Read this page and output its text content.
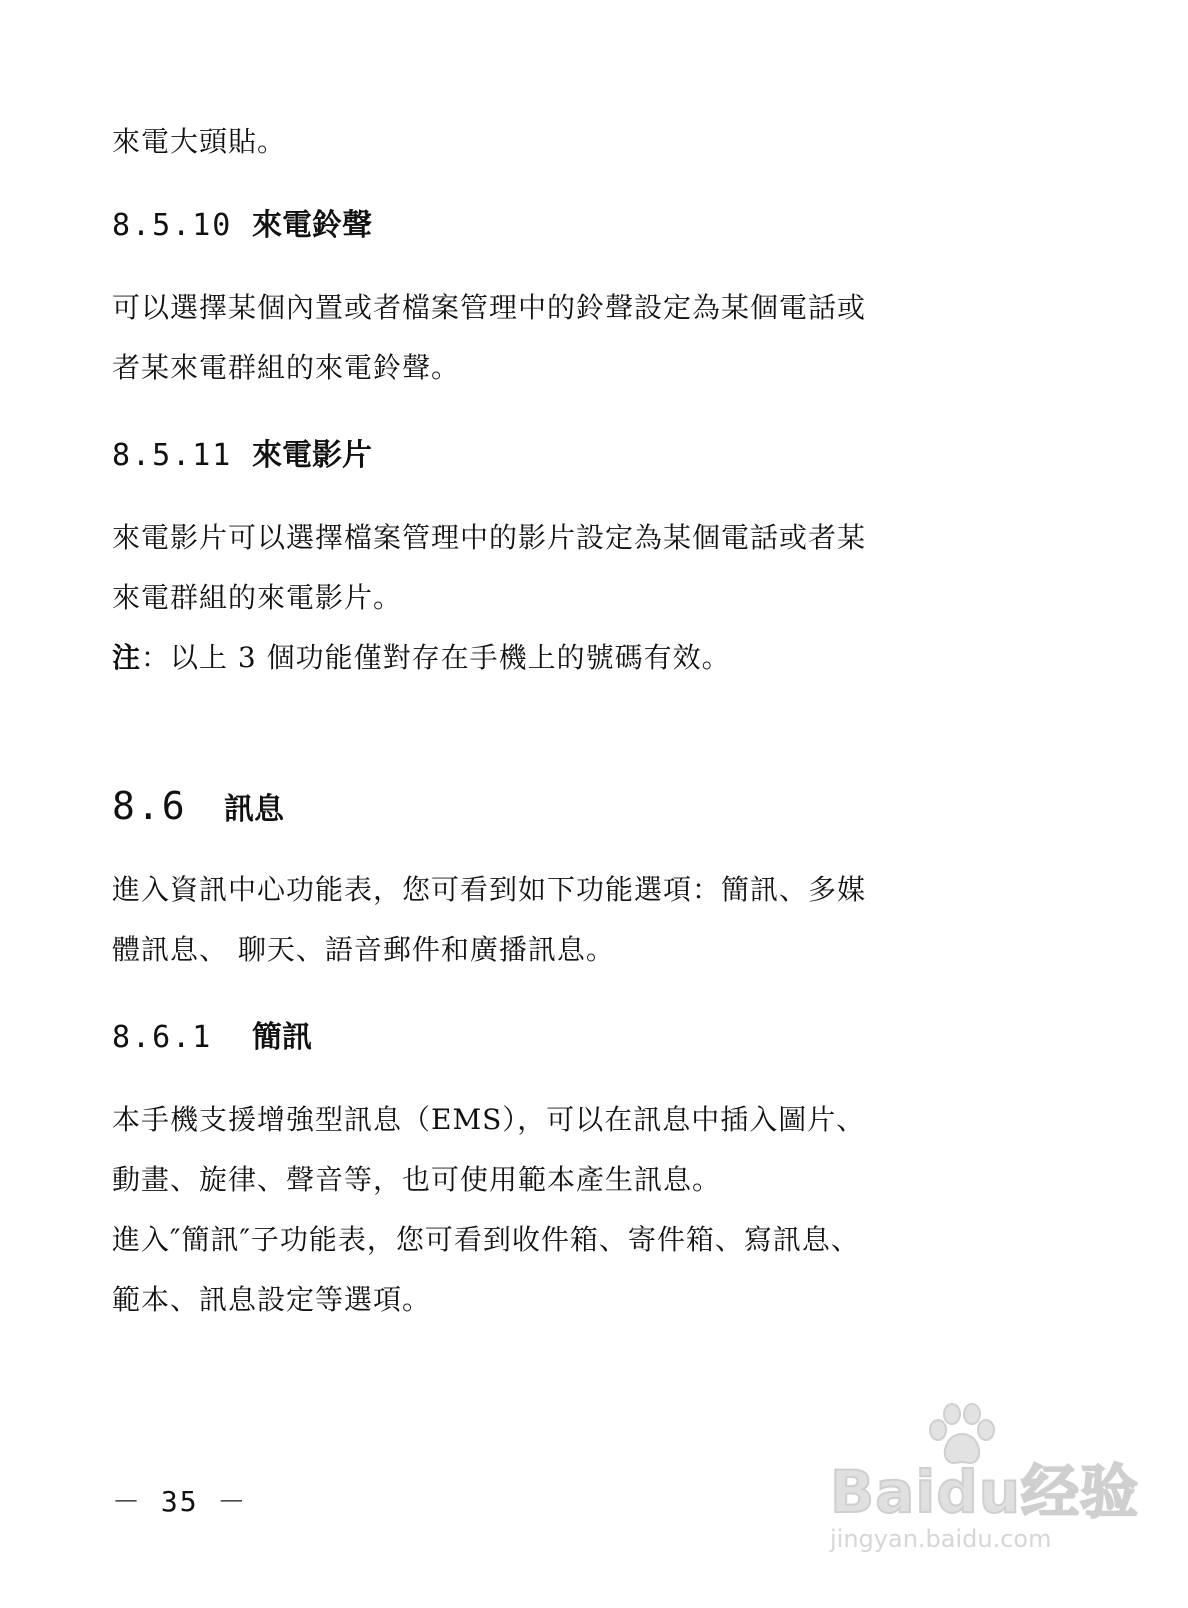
來電大頭貼。
8.5.10 來電鈴聲
可以選擇某個內置或者檔案管理中的鈴聲設定為某個電話或
者某來電群組的來電鈴聲。
8.5.11 來電影片
來電影片可以選擇檔案管理中的影片設定為某個電話或者某
來電群組的來電影片。
注：以上 3 個功能僅對存在手機上的號碼有效。
8.6 訊息
進入資訊中心功能表，您可看到如下功能選項：簡訊、多媒
體訊息、 聊天、語音郵件和廣播訊息。
8.6.1 簡訊
本手機支援增強型訊息（EMS），可以在訊息中插入圖片、
動畫、旋律、聲音等，也可使用範本產生訊息。
進入″簡訊″子功能表，您可看到收件箱、寄件箱、寫訊息、
範本、訊息設定等選項。
－ 35 －	Baidu经验
jingyan.baidu.com
